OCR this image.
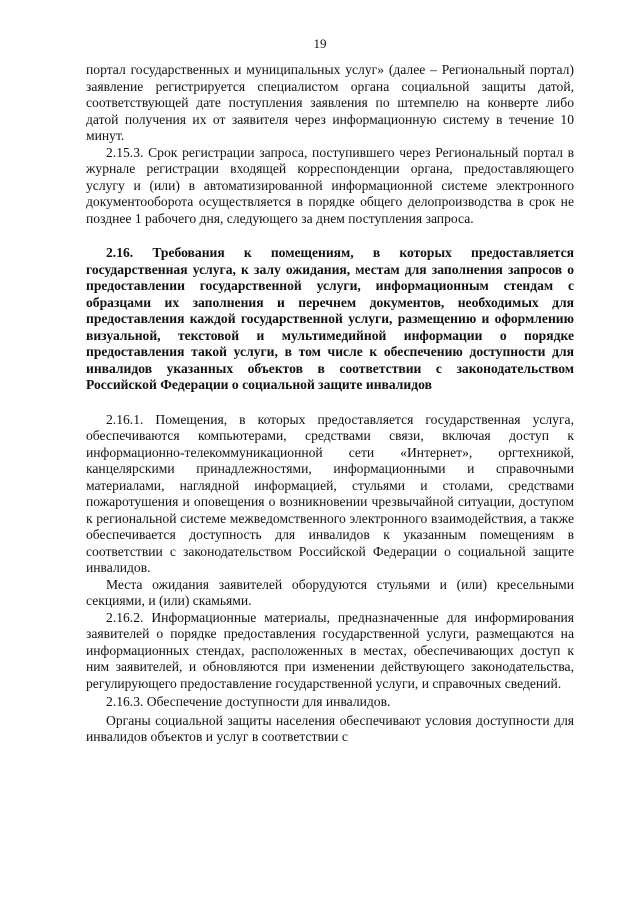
19

портал государственных и муниципальных услуг» (далее – Региональный портал) заявление регистрируется специалистом органа социальной защиты датой, соответствующей дате поступления заявления по штемпелю на конверте либо датой получения их от заявителя через информационную систему в течение 10 минут.

2.15.3. Срок регистрации запроса, поступившего через Региональный портал в журнале регистрации входящей корреспонденции органа, предоставляющего услугу и (или) в автоматизированной информационной системе электронного документооборота осуществляется в порядке общего делопроизводства в срок не позднее 1 рабочего дня, следующего за днем поступления запроса.

2.16. Требования к помещениям, в которых предоставляется государственная услуга, к залу ожидания, местам для заполнения запросов о предоставлении государственной услуги, информационным стендам с образцами их заполнения и перечнем документов, необходимых для предоставления каждой государственной услуги, размещению и оформлению визуальной, текстовой и мультимедийной информации о порядке предоставления такой услуги, в том числе к обеспечению доступности для инвалидов указанных объектов в соответствии с законодательством Российской Федерации о социальной защите инвалидов

2.16.1. Помещения, в которых предоставляется государственная услуга, обеспечиваются компьютерами, средствами связи, включая доступ к информационно-телекоммуникационной сети «Интернет», оргтехникой, канцелярскими принадлежностями, информационными и справочными материалами, наглядной информацией, стульями и столами, средствами пожаротушения и оповещения о возникновении чрезвычайной ситуации, доступом к региональной системе межведомственного электронного взаимодействия, а также обеспечивается доступность для инвалидов к указанным помещениям в соответствии с законодательством Российской Федерации о социальной защите инвалидов.

Места ожидания заявителей оборудуются стульями и (или) кресельными секциями, и (или) скамьями.

2.16.2. Информационные материалы, предназначенные для информирования заявителей о порядке предоставления государственной услуги, размещаются на информационных стендах, расположенных в местах, обеспечивающих доступ к ним заявителей, и обновляются при изменении действующего законодательства, регулирующего предоставление государственной услуги, и справочных сведений.

2.16.3. Обеспечение доступности для инвалидов.

Органы социальной защиты населения обеспечивают условия доступности для инвалидов объектов и услуг в соответствии с
